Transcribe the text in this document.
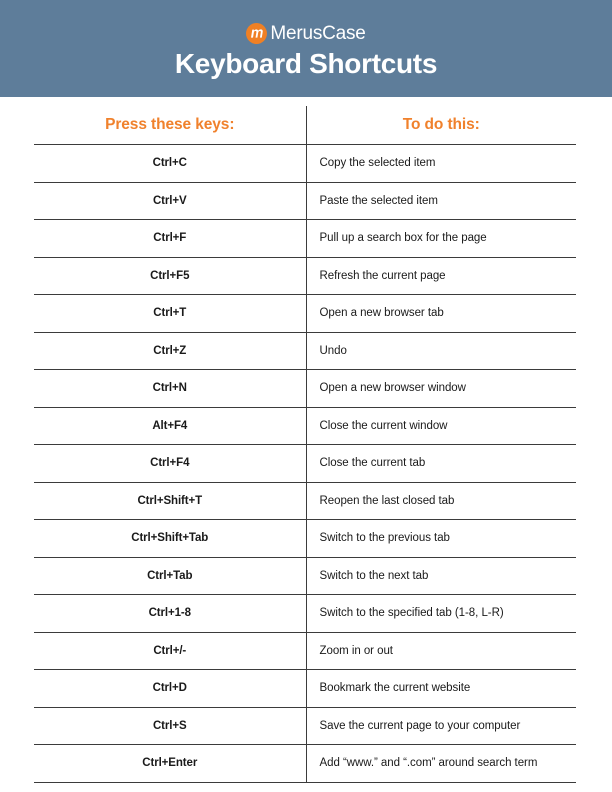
MerusCase
Keyboard Shortcuts
Press these keys:	To do this:
Ctrl+C	Copy the selected item
Ctrl+V	Paste the selected item
Ctrl+F	Pull up a search box for the page
Ctrl+F5	Refresh the current page
Ctrl+T	Open a new browser tab
Ctrl+Z	Undo
Ctrl+N	Open a new browser window
Alt+F4	Close the current window
Ctrl+F4	Close the current tab
Ctrl+Shift+T	Reopen the last closed tab
Ctrl+Shift+Tab	Switch to the previous tab
Ctrl+Tab	Switch to the next tab
Ctrl+1-8	Switch to the specified tab (1-8, L-R)
Ctrl+/-	Zoom in or out
Ctrl+D	Bookmark the current website
Ctrl+S	Save the current page to your computer
Ctrl+Enter	Add “www.” and “.com” around search term
